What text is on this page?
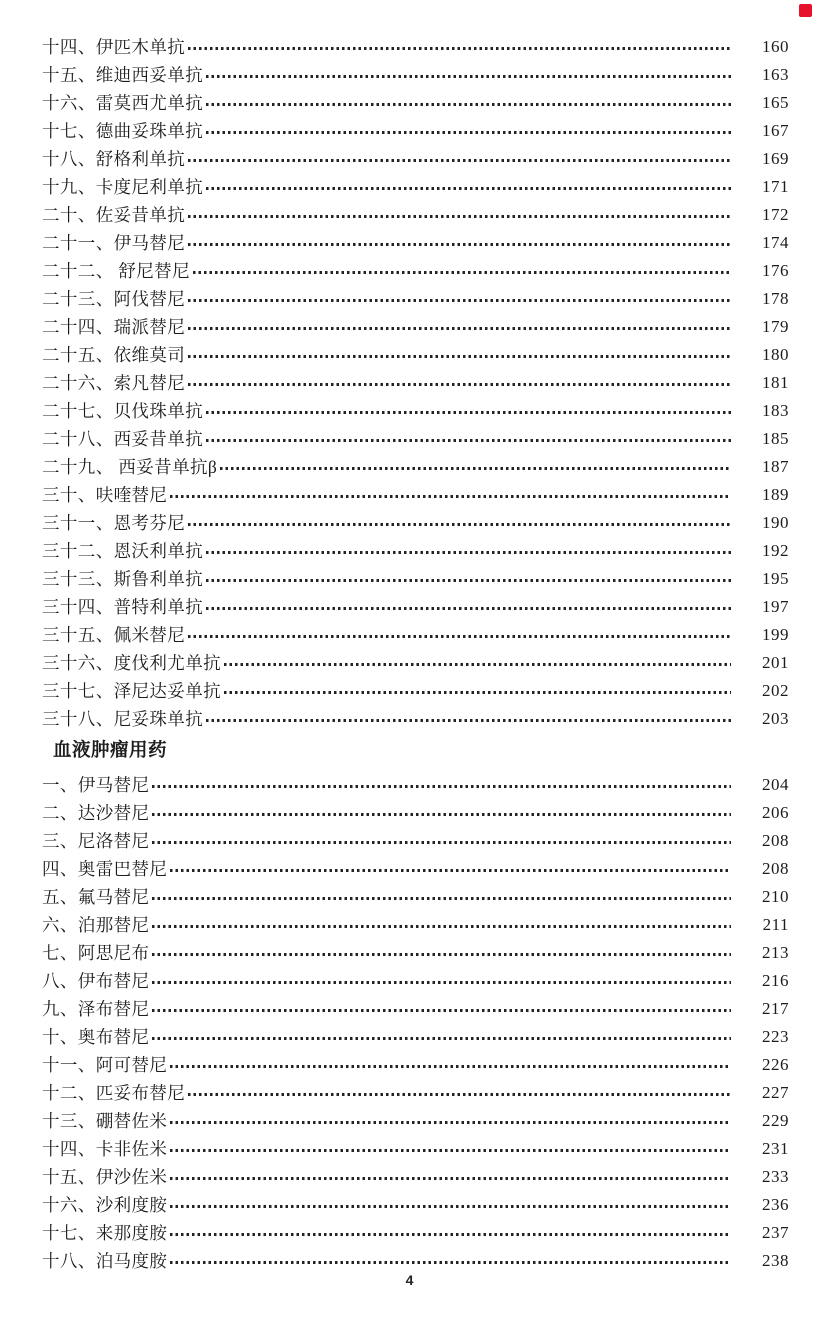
十四、伊匹木单抗	160
十五、维迪西妥单抗	163
十六、雷莫西尤单抗	165
十七、德曲妥珠单抗	167
十八、舒格利单抗	169
十九、卡度尼利单抗	171
二十、佐妥昔单抗	172
二十一、伊马替尼	174
二十二、 舒尼替尼	176
二十三、阿伐替尼	178
二十四、瑞派替尼	179
二十五、依维莫司	180
二十六、索凡替尼	181
二十七、贝伐珠单抗	183
二十八、西妥昔单抗	185
二十九、 西妥昔单抗β	187
三十、呋喹替尼	189
三十一、恩考芬尼	190
三十二、恩沃利单抗	192
三十三、斯鲁利单抗	195
三十四、普特利单抗	197
三十五、佩米替尼	199
三十六、度伐利尤单抗	201
三十七、泽尼达妥单抗	202
三十八、尼妥珠单抗	203
血液肿瘤用药
一、伊马替尼	204
二、达沙替尼	206
三、尼洛替尼	208
四、奥雷巴替尼	208
五、氟马替尼	210
六、泊那替尼	211
七、阿思尼布	213
八、伊布替尼	216
九、泽布替尼	217
十、奥布替尼	223
十一、阿可替尼	226
十二、匹妥布替尼	227
十三、硼替佐米	229
十四、卡非佐米	231
十五、伊沙佐米	233
十六、沙利度胺	236
十七、来那度胺	237
十八、泊马度胺	238
4
